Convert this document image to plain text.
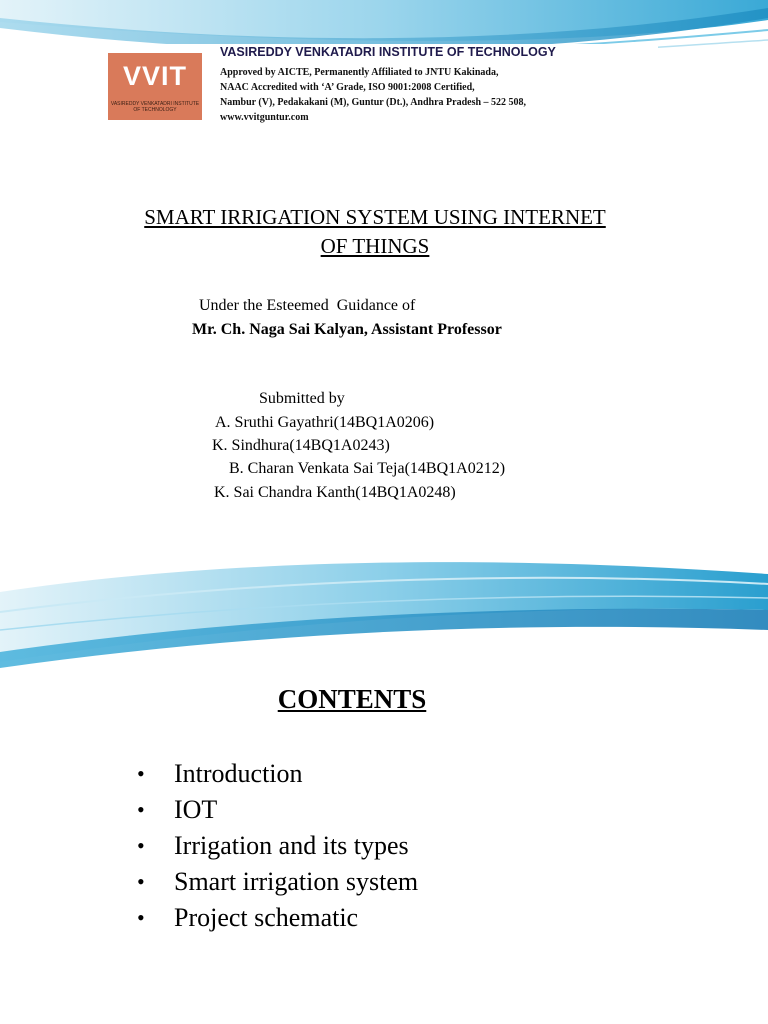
VVIT
VASIREDDY VENKATADRI INSTITUTE OF TECHNOLOGY
VASIREDDY VENKATADRI INSTITUTE OF TECHNOLOGY
Approved by AICTE, Permanently Affiliated to JNTU Kakinada,
NAAC Accredited with ‘A’ Grade, ISO 9001:2008 Certified,
Nambur (V), Pedakakani (M), Guntur (Dt.), Andhra Pradesh – 522 508,
www.vvitguntur.com
SMART IRRIGATION SYSTEM USING INTERNET
OF THINGS
Under the Esteemed  Guidance of
Mr. Ch. Naga Sai Kalyan, Assistant Professor
Submitted by
A. Sruthi Gayathri(14BQ1A0206)
K. Sindhura(14BQ1A0243)
B. Charan Venkata Sai Teja(14BQ1A0212)
K. Sai Chandra Kanth(14BQ1A0248)
CONTENTS
• Introduction
• IOT
• Irrigation and its types
• Smart irrigation system
• Project schematic
